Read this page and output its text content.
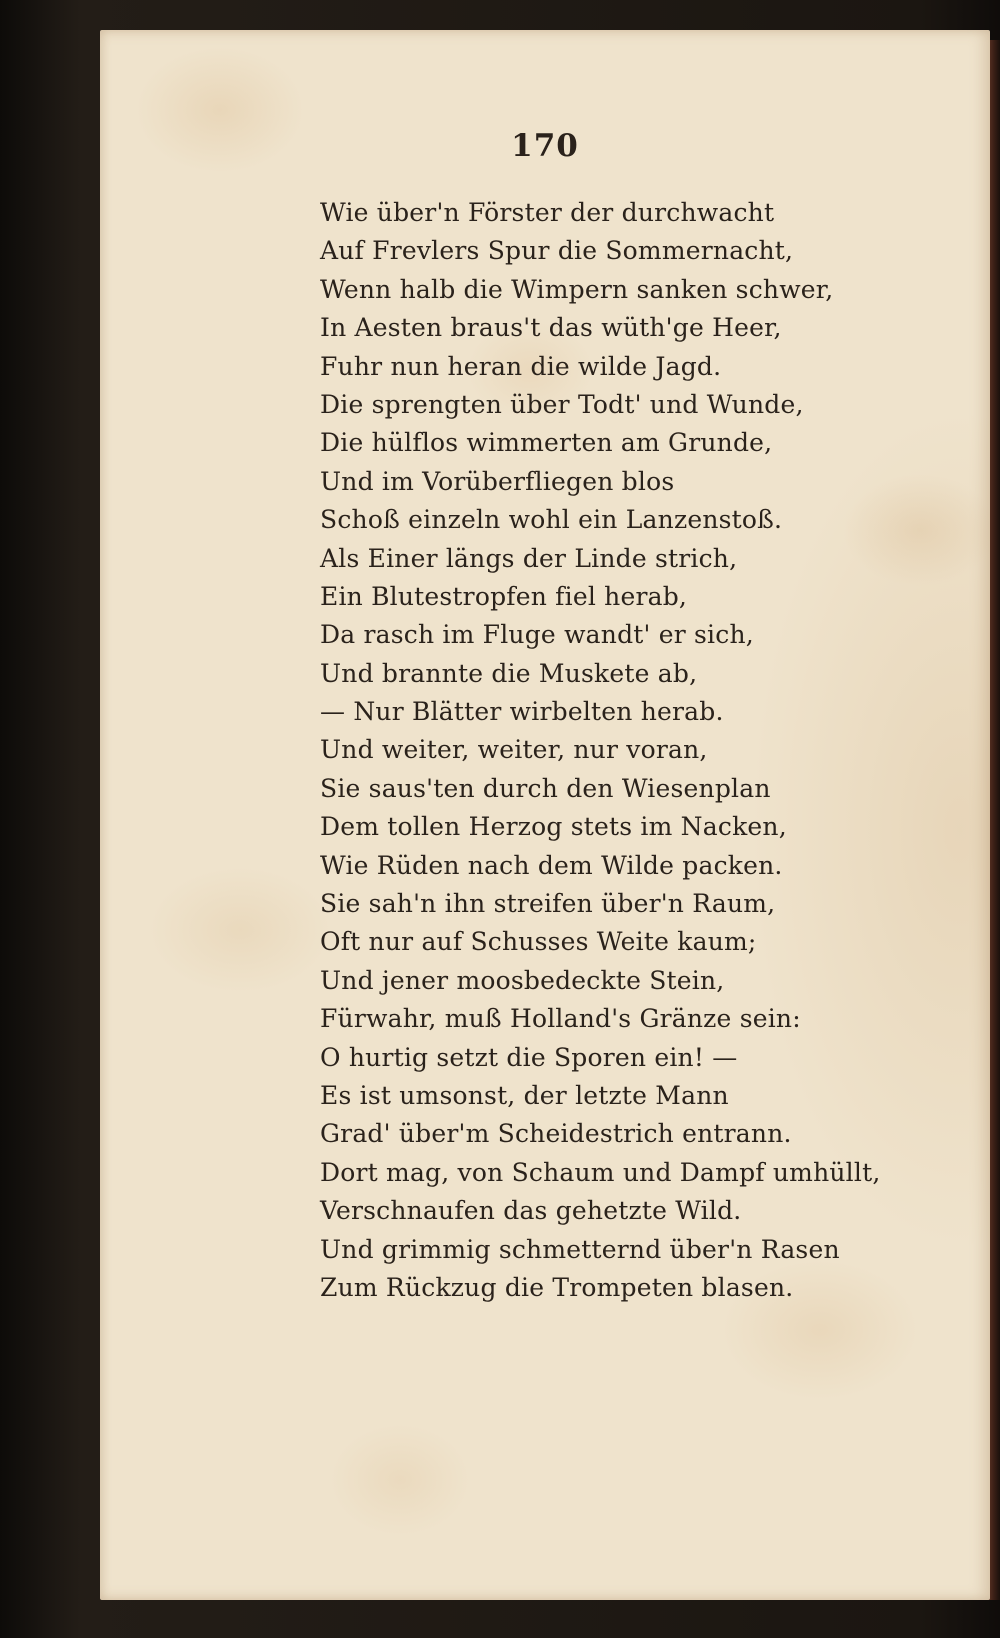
170
Wie über'n Förster der durchwacht
Auf Frevlers Spur die Sommernacht,
Wenn halb die Wimpern sanken schwer,
In Aesten braus't das wüth'ge Heer,
Fuhr nun heran die wilde Jagd.
Die sprengten über Todt' und Wunde,
Die hülflos wimmerten am Grunde,
Und im Vorüberfliegen blos
Schoß einzeln wohl ein Lanzenstoß.
Als Einer längs der Linde strich,
Ein Blutestropfen fiel herab,
Da rasch im Fluge wandt' er sich,
Und brannte die Muskete ab,
— Nur Blätter wirbelten herab.
Und weiter, weiter, nur voran,
Sie saus'ten durch den Wiesenplan
Dem tollen Herzog stets im Nacken,
Wie Rüden nach dem Wilde packen.
Sie sah'n ihn streifen über'n Raum,
Oft nur auf Schusses Weite kaum;
Und jener moosbedeckte Stein,
Fürwahr, muß Holland's Gränze sein:
O hurtig setzt die Sporen ein! —
Es ist umsonst, der letzte Mann
Grad' über'm Scheidestrich entrann.
Dort mag, von Schaum und Dampf umhüllt,
Verschnaufen das gehetzte Wild.
Und grimmig schmetternd über'n Rasen
Zum Rückzug die Trompeten blasen.
